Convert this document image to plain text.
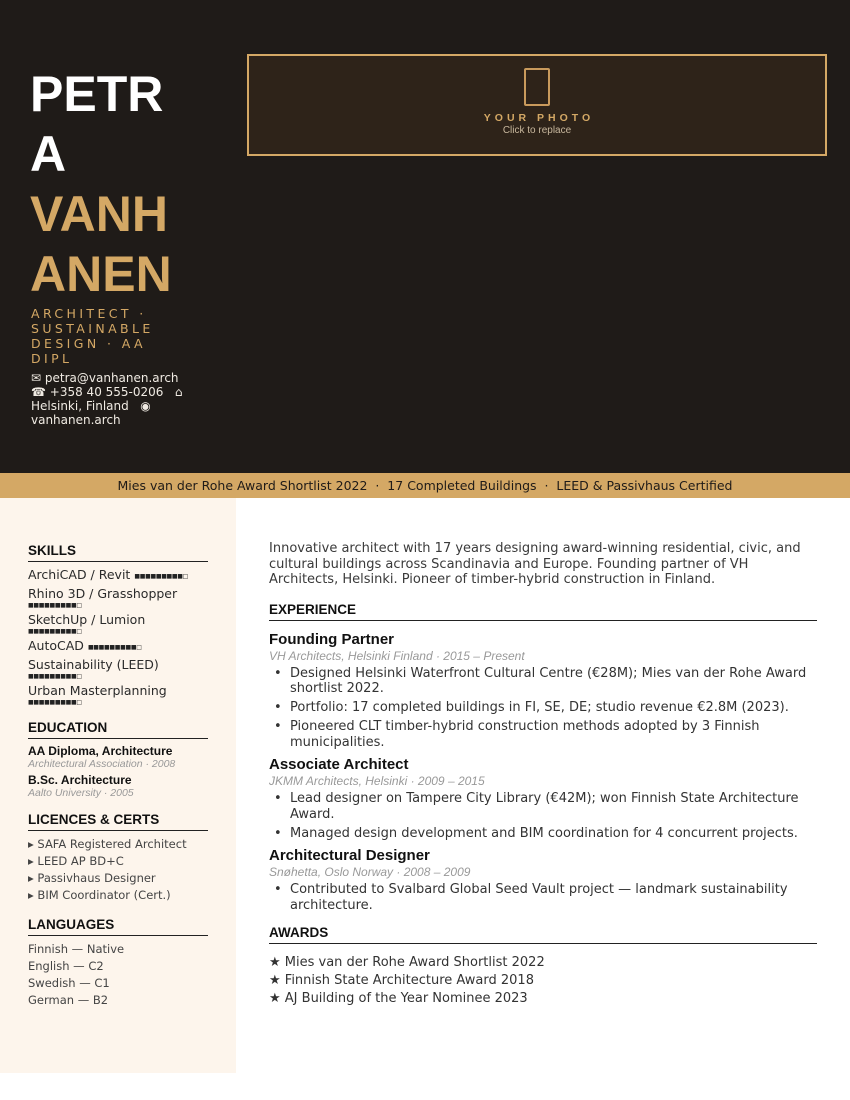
PETRA
VANHANEN
ARCHITECT · SUSTAINABLE DESIGN · AA DIPL
✉ petra@vanhanen.arch
☎ +358 40 555-0206 ⌂
Helsinki, Finland ◉
vanhanen.arch
YOUR PHOTO
Click to replace
Mies van der Rohe Award Shortlist 2022  ·  17 Completed Buildings  ·  LEED & Passivhaus Certified
SKILLS
ArchiCAD / Revit ■■■■■■■■■□
Rhino 3D / Grasshopper
■■■■■■■■■□
SketchUp / Lumion
■■■■■■■■■□
AutoCAD ■■■■■■■■■□
Sustainability (LEED)
■■■■■■■■■□
Urban Masterplanning
■■■■■■■■■□
EDUCATION
AA Diploma, Architecture
Architectural Association · 2008
B.Sc. Architecture
Aalto University · 2005
LICENCES & CERTS
▸ SAFA Registered Architect
▸ LEED AP BD+C
▸ Passivhaus Designer
▸ BIM Coordinator (Cert.)
LANGUAGES
Finnish — Native
English — C2
Swedish — C1
German — B2

Innovative architect with 17 years designing award-winning residential, civic, and cultural buildings across Scandinavia and Europe. Founding partner of VH Architects, Helsinki. Pioneer of timber-hybrid construction in Finland.

EXPERIENCE
Founding Partner
VH Architects, Helsinki Finland · 2015 – Present
• Designed Helsinki Waterfront Cultural Centre (€28M); Mies van der Rohe Award shortlist 2022.
• Portfolio: 17 completed buildings in FI, SE, DE; studio revenue €2.8M (2023).
• Pioneered CLT timber-hybrid construction methods adopted by 3 Finnish municipalities.
Associate Architect
JKMM Architects, Helsinki · 2009 – 2015
• Lead designer on Tampere City Library (€42M); won Finnish State Architecture Award.
• Managed design development and BIM coordination for 4 concurrent projects.
Architectural Designer
Snøhetta, Oslo Norway · 2008 – 2009
• Contributed to Svalbard Global Seed Vault project — landmark sustainability architecture.
AWARDS
★ Mies van der Rohe Award Shortlist 2022
★ Finnish State Architecture Award 2018
★ AJ Building of the Year Nominee 2023
